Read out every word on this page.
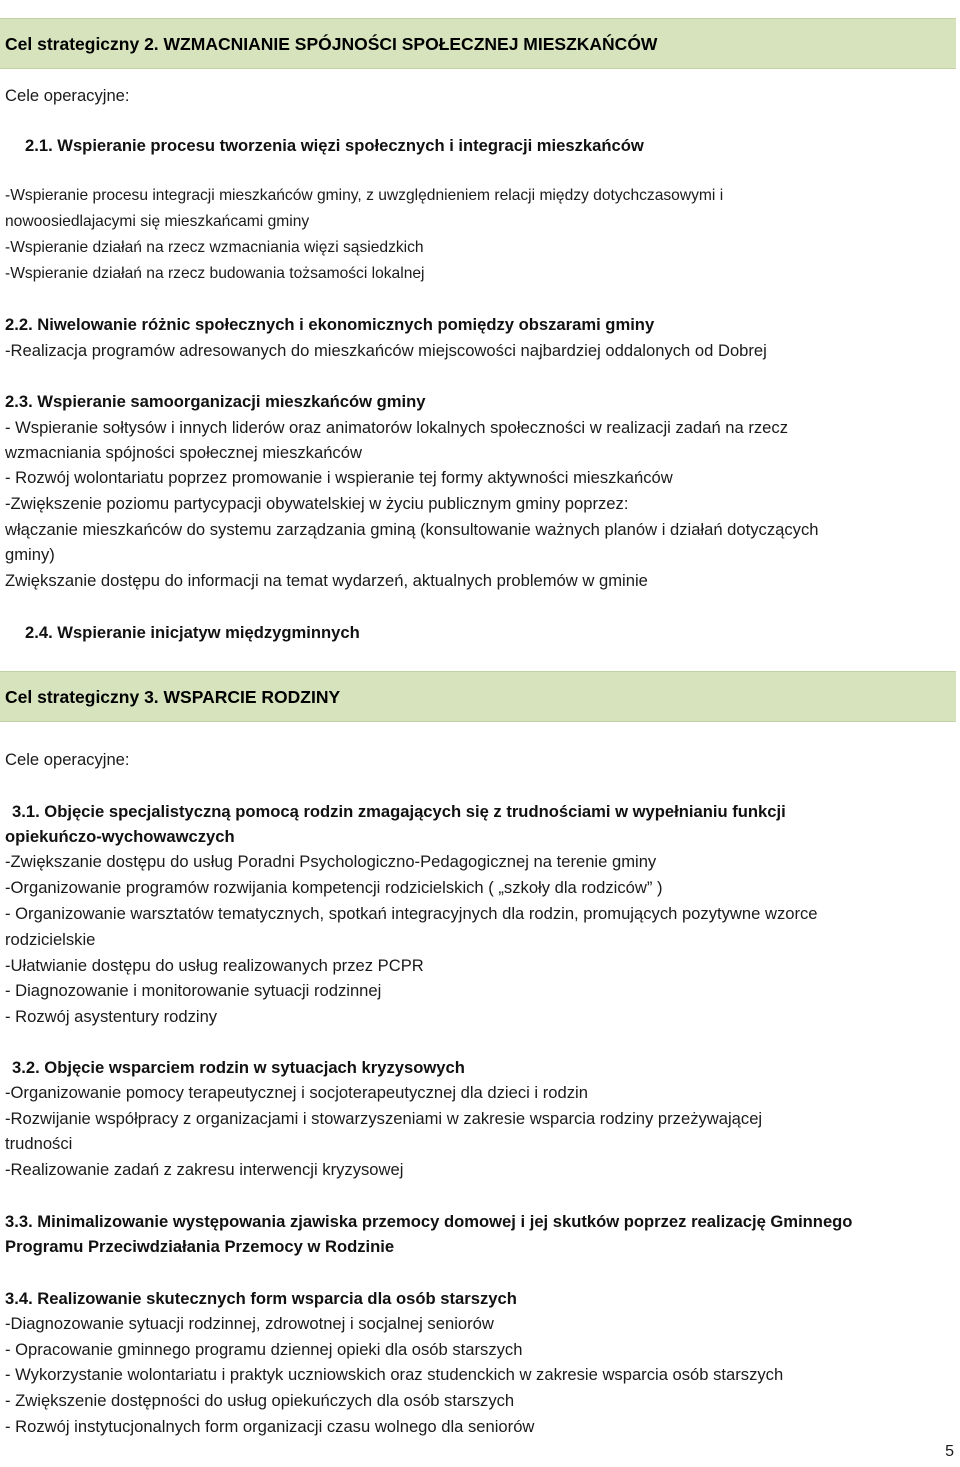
Cel strategiczny 2. WZMACNIANIE SPÓJNOŚCI SPOŁECZNEJ MIESZKAŃCÓW
Cele operacyjne:
2.1. Wspieranie procesu tworzenia więzi społecznych i integracji mieszkańców
-Wspieranie procesu integracji mieszkańców gminy, z uwzględnieniem relacji między dotychczasowymi i
nowoosiedlajacymi się mieszkańcami gminy
-Wspieranie działań na rzecz wzmacniania więzi sąsiedzkich
-Wspieranie działań na rzecz budowania tożsamości lokalnej
2.2. Niwelowanie różnic społecznych i ekonomicznych pomiędzy obszarami gminy
-Realizacja programów adresowanych do mieszkańców miejscowości najbardziej oddalonych od Dobrej
2.3. Wspieranie samoorganizacji mieszkańców gminy
- Wspieranie sołtysów i innych liderów oraz animatorów lokalnych społeczności w realizacji zadań na rzecz
wzmacniania spójności społecznej mieszkańców
- Rozwój wolontariatu poprzez promowanie i wspieranie tej formy aktywności mieszkańców
-Zwiększenie poziomu partycypacji obywatelskiej w życiu publicznym gminy poprzez:
włączanie mieszkańców do systemu zarządzania gminą (konsultowanie ważnych planów i działań dotyczących
gminy)
Zwiększanie dostępu do informacji na temat wydarzeń, aktualnych problemów w gminie
2.4. Wspieranie inicjatyw międzygminnych
Cel strategiczny 3. WSPARCIE RODZINY
Cele operacyjne:
3.1. Objęcie specjalistyczną pomocą rodzin zmagających się z trudnościami w wypełnianiu funkcji
opiekuńczo-wychowawczych
-Zwiększanie dostępu do usług Poradni Psychologiczno-Pedagogicznej na terenie gminy
-Organizowanie programów rozwijania kompetencji rodzicielskich ( „szkoły dla rodziców” )
- Organizowanie warsztatów tematycznych, spotkań integracyjnych dla rodzin, promujących pozytywne wzorce
rodzicielskie
-Ułatwianie dostępu do usług realizowanych przez PCPR
- Diagnozowanie i monitorowanie sytuacji rodzinnej
- Rozwój asystentury rodziny
3.2. Objęcie wsparciem rodzin w sytuacjach kryzysowych
-Organizowanie pomocy terapeutycznej i socjoterapeutycznej dla dzieci i rodzin
-Rozwijanie współpracy z organizacjami i stowarzyszeniami w zakresie wsparcia rodziny przeżywającej
trudności
-Realizowanie zadań z zakresu interwencji kryzysowej
3.3. Minimalizowanie występowania zjawiska przemocy domowej i jej skutków poprzez realizację Gminnego
Programu Przeciwdziałania Przemocy w Rodzinie
3.4. Realizowanie skutecznych form wsparcia dla osób starszych
-Diagnozowanie sytuacji rodzinnej, zdrowotnej i socjalnej seniorów
- Opracowanie gminnego programu dziennej opieki dla osób starszych
- Wykorzystanie wolontariatu i praktyk uczniowskich oraz studenckich w zakresie wsparcia osób starszych
- Zwiększenie dostępności do usług opiekuńczych dla osób starszych
- Rozwój instytucjonalnych form organizacji czasu wolnego dla seniorów
5
